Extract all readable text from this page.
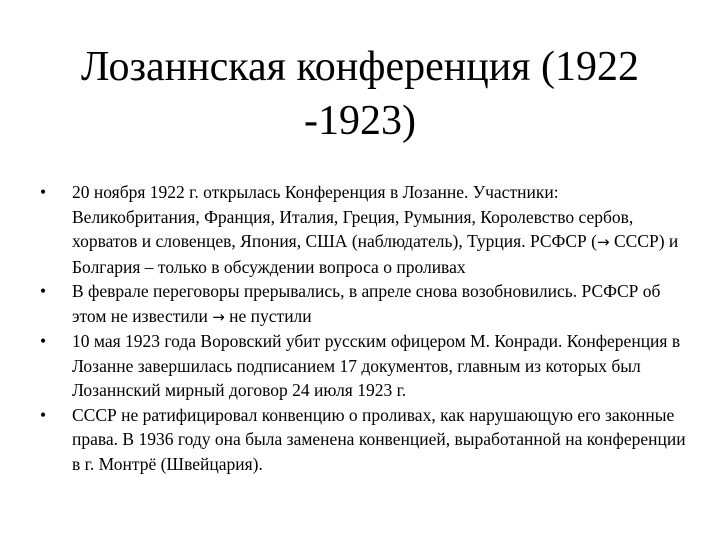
Лозаннская конференция (1922
-1923)
•	20 ноября 1922 г. открылась Конференция в Лозанне. Участники: Великобритания, Франция, Италия, Греция, Румыния, Королевство сербов, хорватов и словенцев, Япония, США (наблюдатель), Турция. РСФСР (→ СССР) и Болгария – только в обсуждении вопроса о проливах
•	В феврале переговоры прерывались, в апреле снова возобновились. РСФСР об этом не известили → не пустили
•	10 мая 1923 года Воровский убит русским офицером М. Конради. Конференция в Лозанне завершилась подписанием 17 документов, главным из которых был Лозаннский мирный договор 24 июля 1923 г.
•	СССР не ратифицировал конвенцию о проливах, как нарушающую его законные права. В 1936 году она была заменена конвенцией, выработанной на конференции в г. Монтрё (Швейцария).
